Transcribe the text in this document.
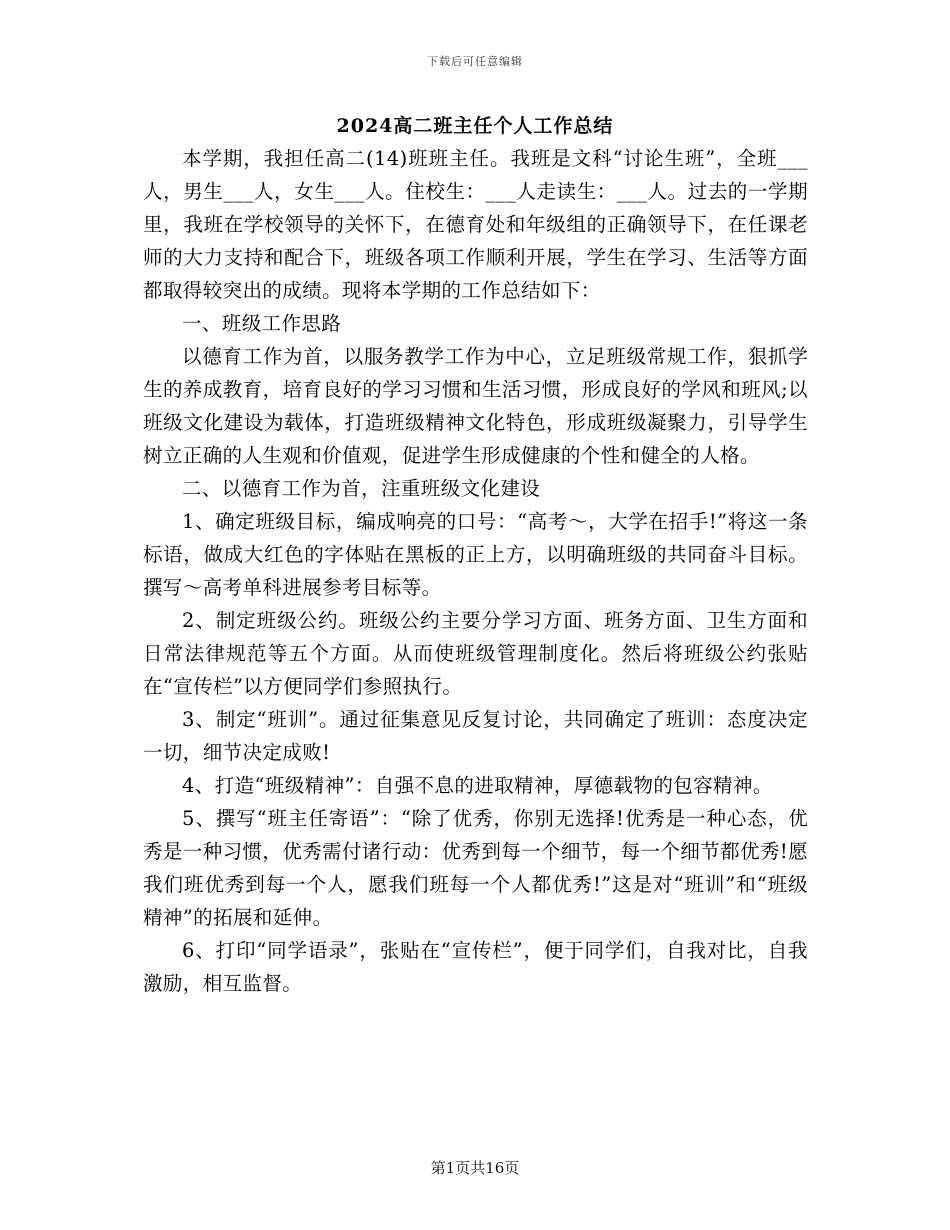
下载后可任意编辑
2024高二班主任个人工作总结

本学期，我担任高二(14)班班主任。我班是文科“讨论生班”，全班___人，男生___人，女生___人。住校生：___人走读生：___人。过去的一学期里，我班在学校领导的关怀下，在德育处和年级组的正确领导下，在任课老师的大力支持和配合下，班级各项工作顺利开展，学生在学习、生活等方面都取得较突出的成绩。现将本学期的工作总结如下：

一、班级工作思路

以德育工作为首，以服务教学工作为中心，立足班级常规工作，狠抓学生的养成教育，培育良好的学习习惯和生活习惯，形成良好的学风和班风;以班级文化建设为载体，打造班级精神文化特色，形成班级凝聚力，引导学生树立正确的人生观和价值观，促进学生形成健康的个性和健全的人格。

二、以德育工作为首，注重班级文化建设

1、确定班级目标，编成响亮的口号：“高考～，大学在招手!”将这一条标语，做成大红色的字体贴在黑板的正上方，以明确班级的共同奋斗目标。撰写～高考单科进展参考目标等。

2、制定班级公约。班级公约主要分学习方面、班务方面、卫生方面和日常法律规范等五个方面。从而使班级管理制度化。然后将班级公约张贴在“宣传栏”以方便同学们参照执行。

3、制定“班训”。通过征集意见反复讨论，共同确定了班训：态度决定一切，细节决定成败!

4、打造“班级精神”：自强不息的进取精神，厚德载物的包容精神。

5、撰写“班主任寄语”：“除了优秀，你别无选择!优秀是一种心态，优秀是一种习惯，优秀需付诸行动：优秀到每一个细节，每一个细节都优秀!愿我们班优秀到每一个人，愿我们班每一个人都优秀!”这是对“班训”和“班级精神”的拓展和延伸。

6、打印“同学语录”，张贴在“宣传栏”，便于同学们，自我对比，自我激励，相互监督。

第1页共16页
